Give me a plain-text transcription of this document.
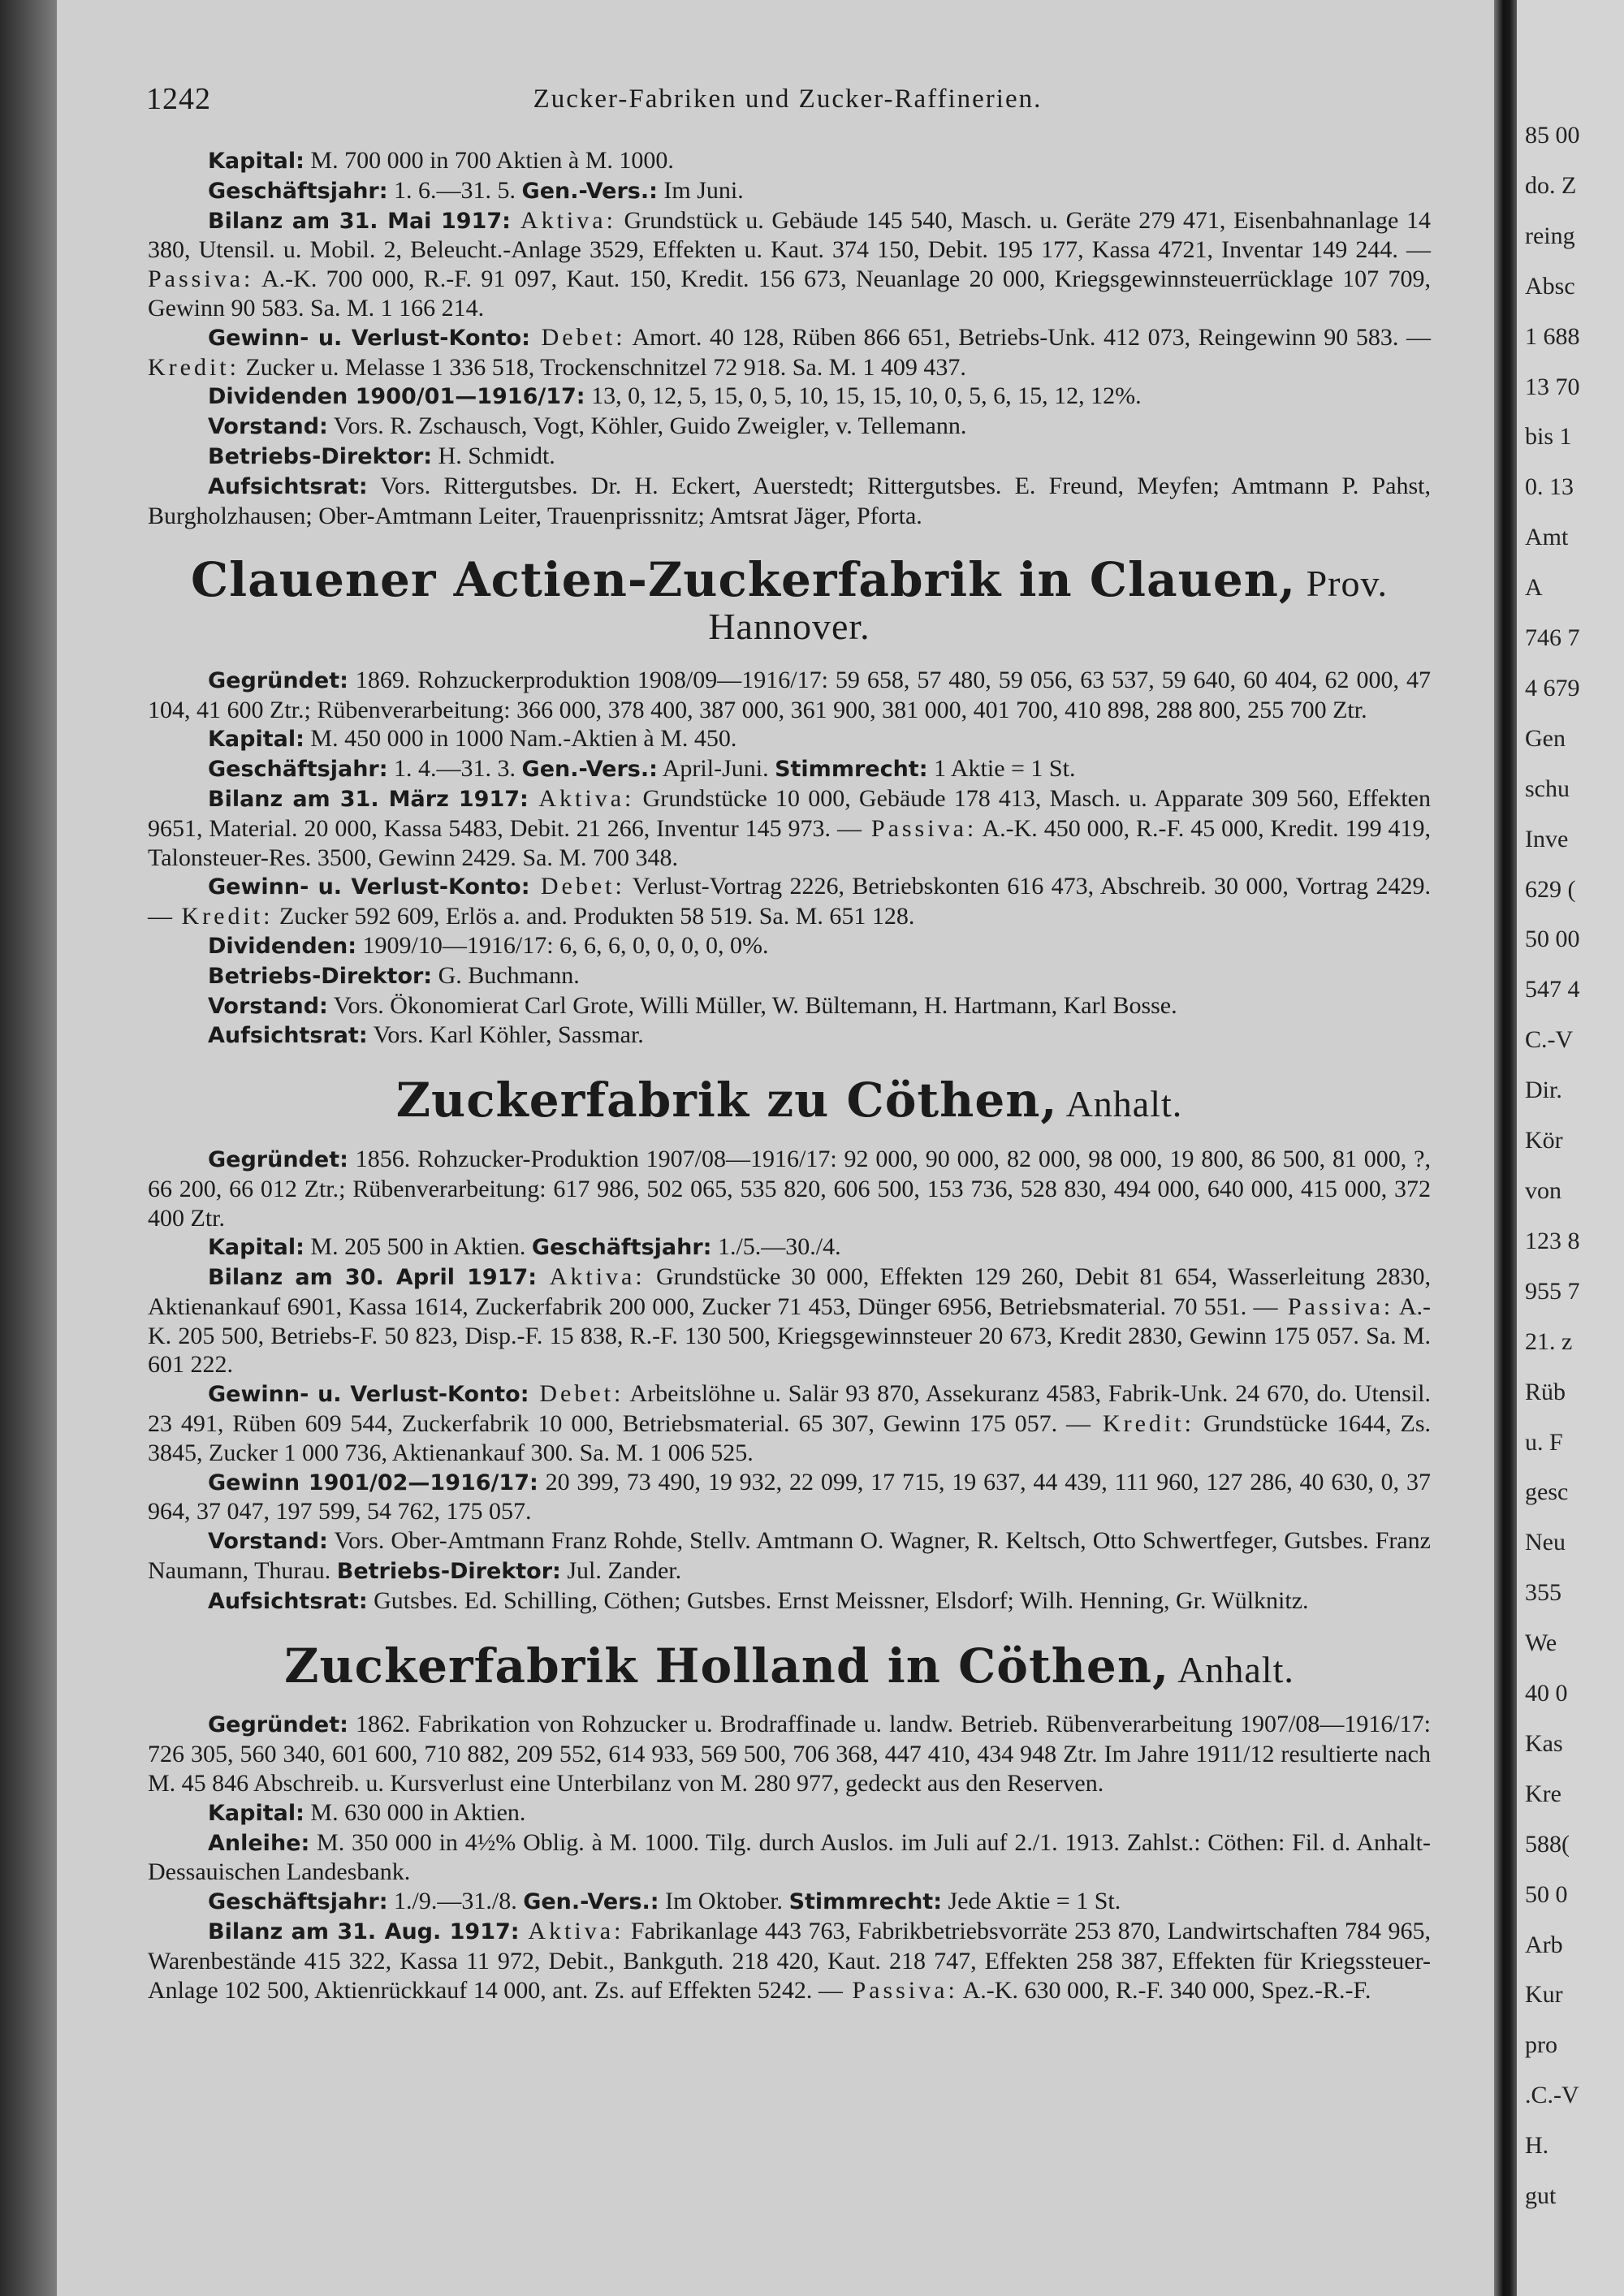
1242	Zucker-Fabriken und Zucker-Raffinerien.

Kapital: M. 700 000 in 700 Aktien à M. 1000.

Geschäftsjahr: 1. 6.—31. 5. Gen.-Vers.: Im Juni.

Bilanz am 31. Mai 1917: Aktiva: Grundstück u. Gebäude 145 540, Masch. u. Geräte 279 471, Eisenbahnanlage 14 380, Utensil. u. Mobil. 2, Beleucht.-Anlage 3529, Effekten u. Kaut. 374 150, Debit. 195 177, Kassa 4721, Inventar 149 244. — Passiva: A.-K. 700 000, R.-F. 91 097, Kaut. 150, Kredit. 156 673, Neuanlage 20 000, Kriegsgewinnsteuerrücklage 107 709, Gewinn 90 583. Sa. M. 1 166 214.

Gewinn- u. Verlust-Konto: Debet: Amort. 40 128, Rüben 866 651, Betriebs-Unk. 412 073, Reingewinn 90 583. — Kredit: Zucker u. Melasse 1 336 518, Trockenschnitzel 72 918. Sa. M. 1 409 437.

Dividenden 1900/01—1916/17: 13, 0, 12, 5, 15, 0, 5, 10, 15, 15, 10, 0, 5, 6, 15, 12, 12%.

Vorstand: Vors. R. Zschausch, Vogt, Köhler, Guido Zweigler, v. Tellemann.

Betriebs-Direktor: H. Schmidt.

Aufsichtsrat: Vors. Rittergutsbes. Dr. H. Eckert, Auerstedt; Rittergutsbes. E. Freund, Meyfen; Amtmann P. Pahst, Burgholzhausen; Ober-Amtmann Leiter, Trauenprissnitz; Amtsrat Jäger, Pforta.

Clauener Actien-Zuckerfabrik in Clauen, Prov. Hannover.

Gegründet: 1869. Rohzuckerproduktion 1908/09—1916/17: 59 658, 57 480, 59 056, 63 537, 59 640, 60 404, 62 000, 47 104, 41 600 Ztr.; Rübenverarbeitung: 366 000, 378 400, 387 000, 361 900, 381 000, 401 700, 410 898, 288 800, 255 700 Ztr.

Kapital: M. 450 000 in 1000 Nam.-Aktien à M. 450.

Geschäftsjahr: 1. 4.—31. 3. Gen.-Vers.: April-Juni. Stimmrecht: 1 Aktie = 1 St.

Bilanz am 31. März 1917: Aktiva: Grundstücke 10 000, Gebäude 178 413, Masch. u. Apparate 309 560, Effekten 9651, Material. 20 000, Kassa 5483, Debit. 21 266, Inventur 145 973. — Passiva: A.-K. 450 000, R.-F. 45 000, Kredit. 199 419, Talonsteuer-Res. 3500, Gewinn 2429. Sa. M. 700 348.

Gewinn- u. Verlust-Konto: Debet: Verlust-Vortrag 2226, Betriebskonten 616 473, Abschreib. 30 000, Vortrag 2429. — Kredit: Zucker 592 609, Erlös a. and. Produkten 58 519. Sa. M. 651 128.

Dividenden: 1909/10—1916/17: 6, 6, 6, 0, 0, 0, 0, 0%.

Betriebs-Direktor: G. Buchmann.

Vorstand: Vors. Ökonomierat Carl Grote, Willi Müller, W. Bültemann, H. Hartmann, Karl Bosse.

Aufsichtsrat: Vors. Karl Köhler, Sassmar.

Zuckerfabrik zu Cöthen, Anhalt.

Gegründet: 1856. Rohzucker-Produktion 1907/08—1916/17: 92 000, 90 000, 82 000, 98 000, 19 800, 86 500, 81 000, ?, 66 200, 66 012 Ztr.; Rübenverarbeitung: 617 986, 502 065, 535 820, 606 500, 153 736, 528 830, 494 000, 640 000, 415 000, 372 400 Ztr.

Kapital: M. 205 500 in Aktien. Geschäftsjahr: 1./5.—30./4.

Bilanz am 30. April 1917: Aktiva: Grundstücke 30 000, Effekten 129 260, Debit 81 654, Wasserleitung 2830, Aktienankauf 6901, Kassa 1614, Zuckerfabrik 200 000, Zucker 71 453, Dünger 6956, Betriebsmaterial. 70 551. — Passiva: A.-K. 205 500, Betriebs-F. 50 823, Disp.-F. 15 838, R.-F. 130 500, Kriegsgewinnsteuer 20 673, Kredit 2830, Gewinn 175 057. Sa. M. 601 222.

Gewinn- u. Verlust-Konto: Debet: Arbeitslöhne u. Salär 93 870, Assekuranz 4583, Fabrik-Unk. 24 670, do. Utensil. 23 491, Rüben 609 544, Zuckerfabrik 10 000, Betriebsmaterial. 65 307, Gewinn 175 057. — Kredit: Grundstücke 1644, Zs. 3845, Zucker 1 000 736, Aktienankauf 300. Sa. M. 1 006 525.

Gewinn 1901/02—1916/17: 20 399, 73 490, 19 932, 22 099, 17 715, 19 637, 44 439, 111 960, 127 286, 40 630, 0, 37 964, 37 047, 197 599, 54 762, 175 057.

Vorstand: Vors. Ober-Amtmann Franz Rohde, Stellv. Amtmann O. Wagner, R. Keltsch, Otto Schwertfeger, Gutsbes. Franz Naumann, Thurau. Betriebs-Direktor: Jul. Zander.

Aufsichtsrat: Gutsbes. Ed. Schilling, Cöthen; Gutsbes. Ernst Meissner, Elsdorf; Wilh. Henning, Gr. Wülknitz.

Zuckerfabrik Holland in Cöthen, Anhalt.

Gegründet: 1862. Fabrikation von Rohzucker u. Brodraffinade u. landw. Betrieb. Rübenverarbeitung 1907/08—1916/17: 726 305, 560 340, 601 600, 710 882, 209 552, 614 933, 569 500, 706 368, 447 410, 434 948 Ztr. Im Jahre 1911/12 resultierte nach M. 45 846 Abschreib. u. Kursverlust eine Unterbilanz von M. 280 977, gedeckt aus den Reserven.

Kapital: M. 630 000 in Aktien.

Anleihe: M. 350 000 in 4½% Oblig. à M. 1000. Tilg. durch Auslos. im Juli auf 2./1. 1913. Zahlst.: Cöthen: Fil. d. Anhalt-Dessauischen Landesbank.

Geschäftsjahr: 1./9.—31./8. Gen.-Vers.: Im Oktober. Stimmrecht: Jede Aktie = 1 St.

Bilanz am 31. Aug. 1917: Aktiva: Fabrikanlage 443 763, Fabrikbetriebsvorräte 253 870, Landwirtschaften 784 965, Warenbestände 415 322, Kassa 11 972, Debit., Bankguth. 218 420, Kaut. 218 747, Effekten 258 387, Effekten für Kriegssteuer-Anlage 102 500, Aktienrückkauf 14 000, ant. Zs. auf Effekten 5242. — Passiva: A.-K. 630 000, R.-F. 340 000, Spez.-R.-F.

85 00
do. Z
reing
Absc
1 688
13 70
bis 1
0. 13
Amt
A
746 7
4 679
Gen
schu
Inve
629 (
50 00
547 4
C.-V
Dir.
Kör
von
123 8
955 7
21. z
Rüb
u. F
gesc
Neu
355
We
40 0
Kas
Kre
588(
50 0
Arb
Kur
pro
.C.-V
H.
gut
